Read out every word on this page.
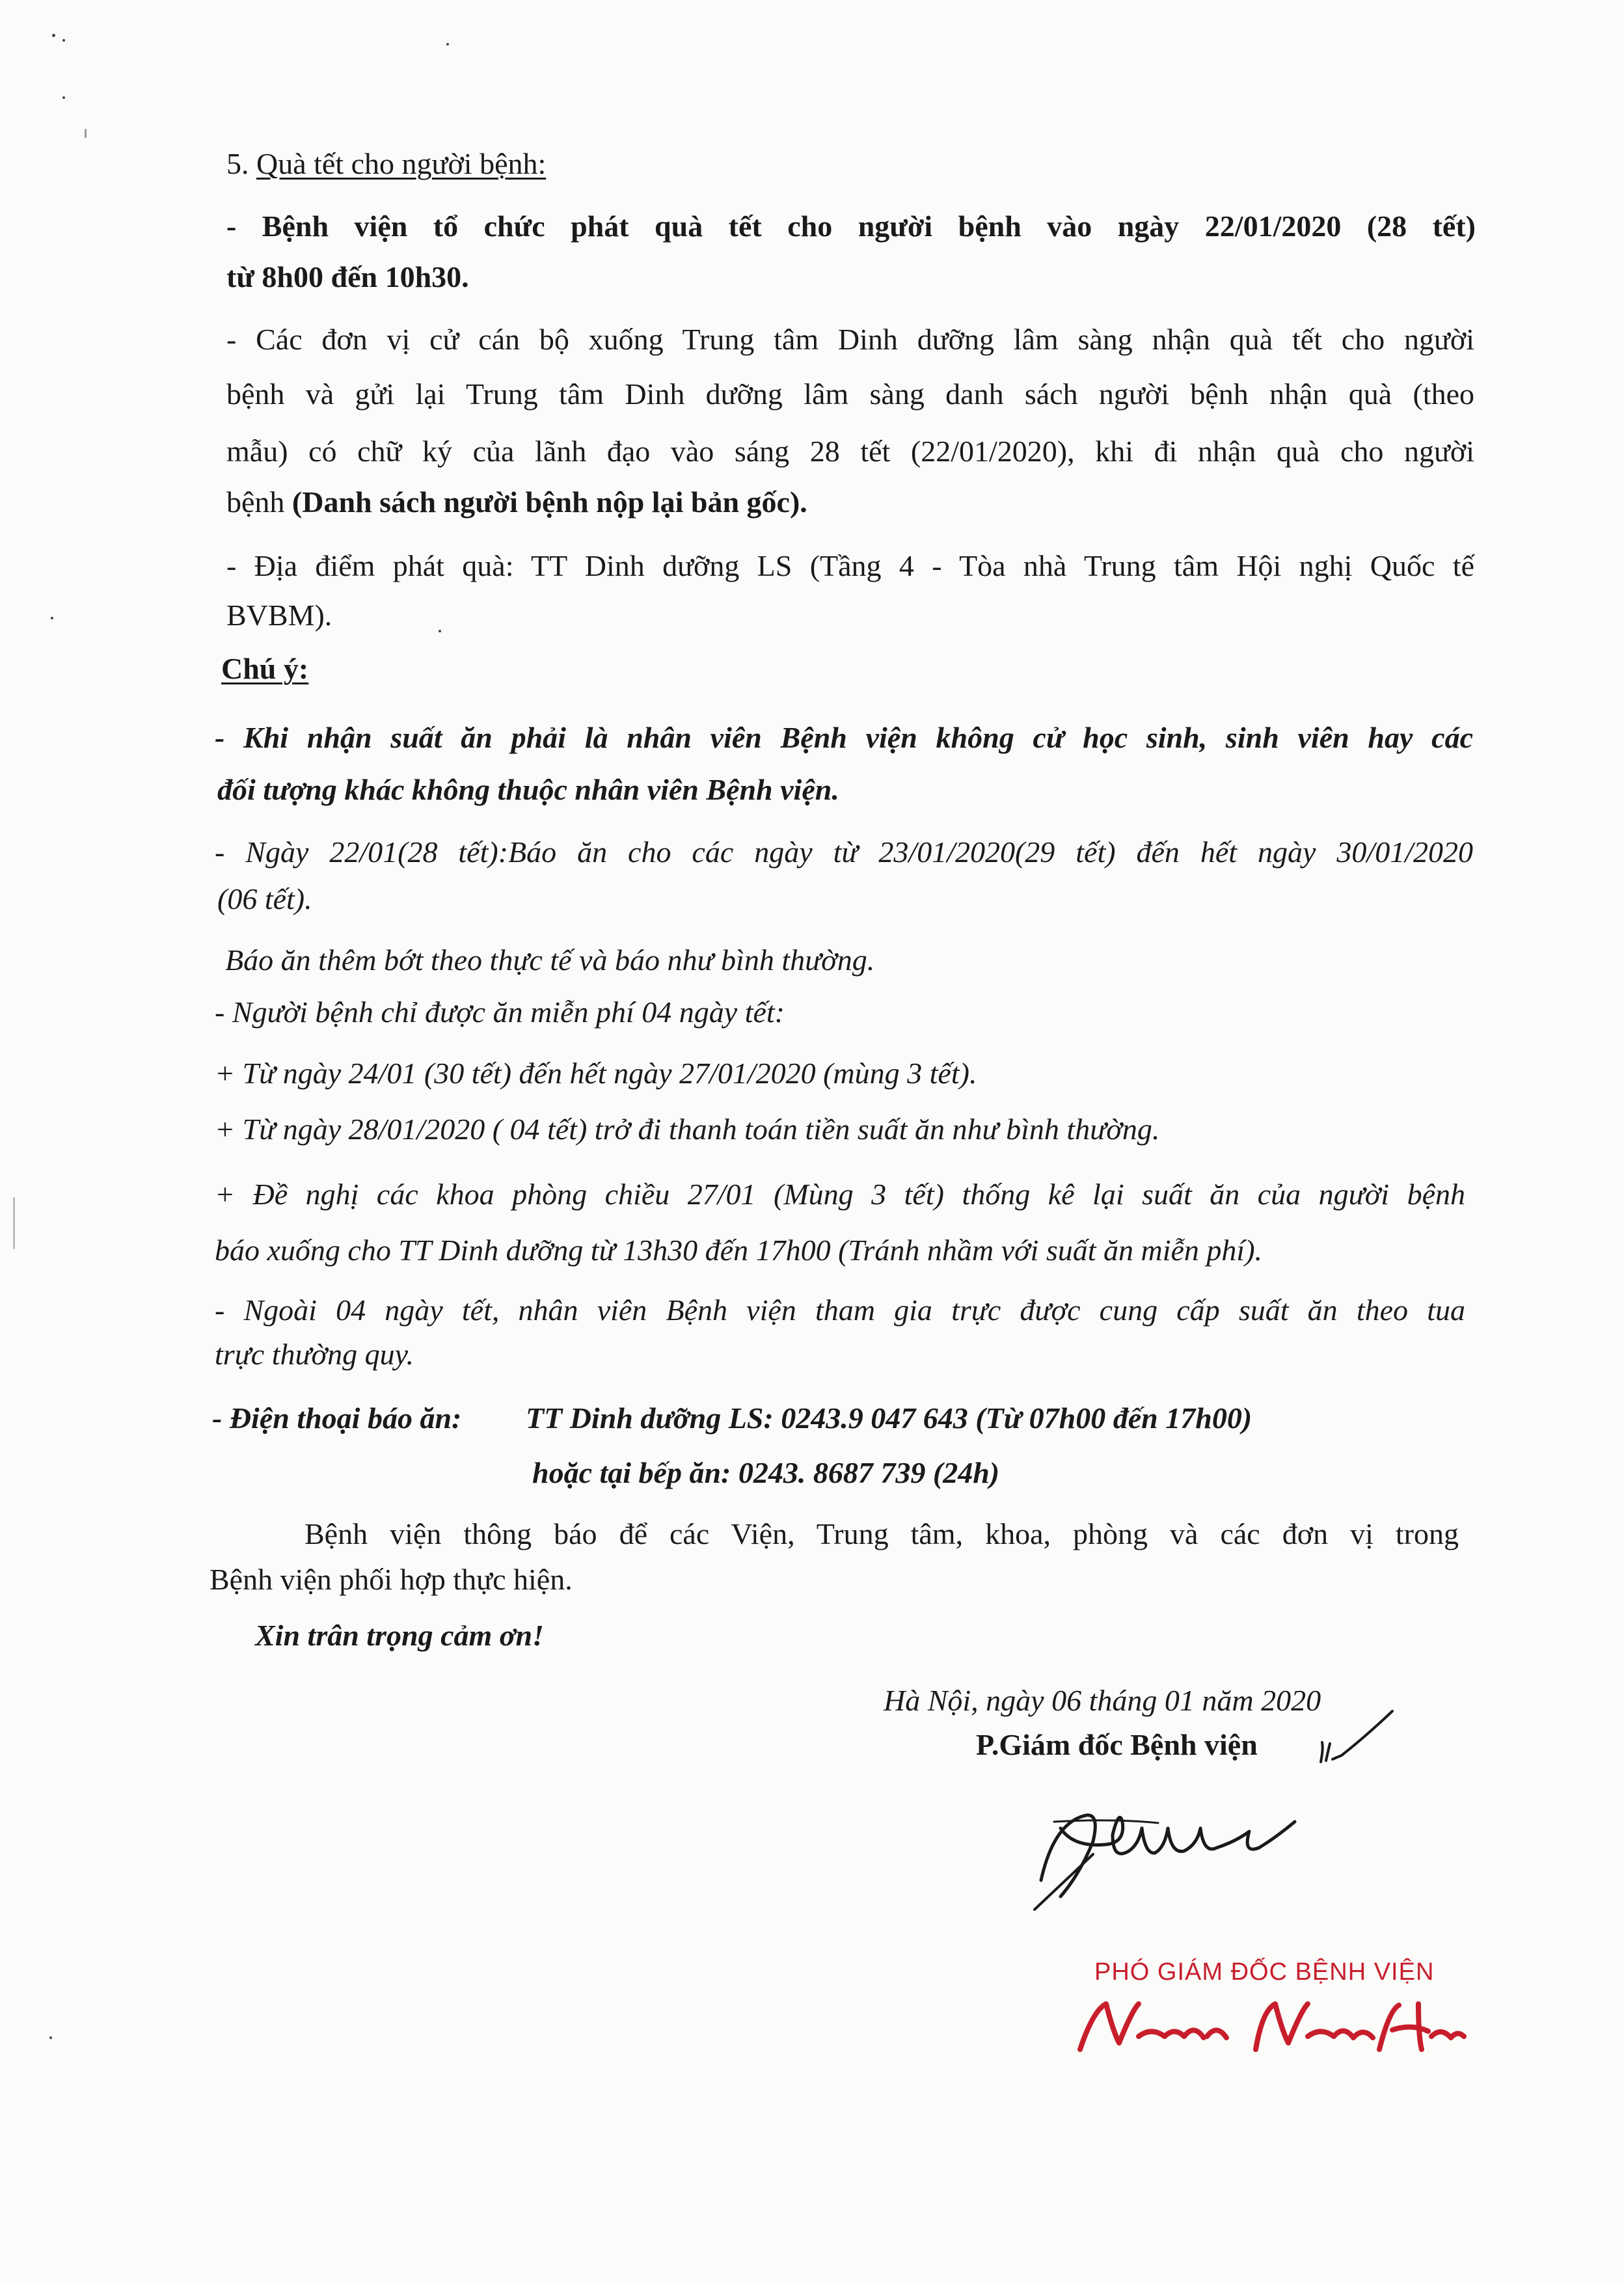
5. Quà tết cho người bệnh:
- Bệnh viện tổ chức phát quà tết cho người bệnh vào ngày 22/01/2020 (28 tết)
từ 8h00 đến 10h30.
- Các đơn vị cử cán bộ xuống Trung tâm Dinh dưỡng lâm sàng nhận quà tết cho người
bệnh và gửi lại Trung tâm Dinh dưỡng lâm sàng danh sách người bệnh nhận quà (theo
mẫu) có chữ ký của lãnh đạo vào sáng 28 tết (22/01/2020), khi đi nhận quà cho người
bệnh (Danh sách người bệnh nộp lại bản gốc).
- Địa điểm phát quà: TT Dinh dưỡng LS (Tầng 4 - Tòa nhà Trung tâm Hội nghị Quốc tế
BVBM).
Chú ý:
- Khi nhận suất ăn phải là nhân viên Bệnh viện không cử học sinh, sinh viên hay các
đối tượng khác không thuộc nhân viên Bệnh viện.
- Ngày 22/01(28 tết):Báo ăn cho các ngày từ 23/01/2020(29 tết) đến hết ngày 30/01/2020
(06 tết).
Báo ăn thêm bớt theo thực tế và báo như bình thường.
- Người bệnh chỉ được ăn miễn phí 04 ngày tết:
+ Từ ngày 24/01 (30 tết) đến hết ngày 27/01/2020 (mùng 3 tết).
+ Từ ngày 28/01/2020 ( 04 tết) trở đi thanh toán tiền suất ăn như bình thường.
+ Đề nghị các khoa phòng chiều 27/01 (Mùng 3 tết) thống kê lại suất ăn của người bệnh
báo xuống cho TT Dinh dưỡng từ 13h30 đến 17h00 (Tránh nhầm với suất ăn miễn phí).
- Ngoài 04 ngày tết, nhân viên Bệnh viện tham gia trực được cung cấp suất ăn theo tua
trực thường quy.
- Điện thoại báo ăn: TT Dinh dưỡng LS: 0243.9 047 643 (Từ 07h00 đến 17h00)
hoặc tại bếp ăn: 0243. 8687 739 (24h)
Bệnh viện thông báo để các Viện, Trung tâm, khoa, phòng và các đơn vị trong
Bệnh viện phối hợp thực hiện.
Xin trân trọng cảm ơn!
Hà Nội, ngày 06 tháng 01 năm 2020
P.Giám đốc Bệnh viện
PHÓ GIÁM ĐỐC BỆNH VIỆN
